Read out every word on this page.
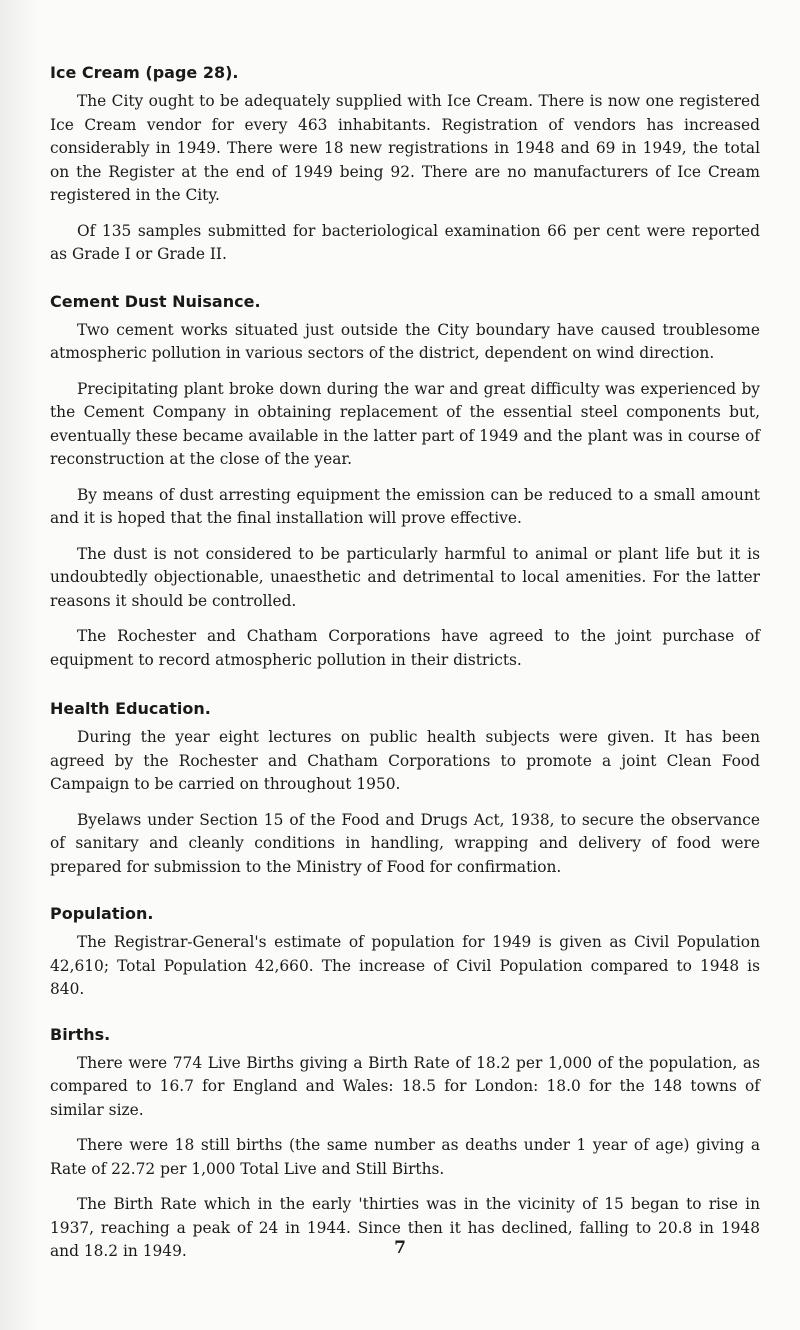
Ice Cream (page 28).

The City ought to be adequately supplied with Ice Cream. There is now one registered Ice Cream vendor for every 463 inhabitants. Registration of vendors has increased considerably in 1949. There were 18 new registrations in 1948 and 69 in 1949, the total on the Register at the end of 1949 being 92. There are no manufacturers of Ice Cream registered in the City.

Of 135 samples submitted for bacteriological examination 66 per cent were reported as Grade I or Grade II.

Cement Dust Nuisance.

Two cement works situated just outside the City boundary have caused troublesome atmospheric pollution in various sectors of the district, dependent on wind direction.

Precipitating plant broke down during the war and great difficulty was experienced by the Cement Company in obtaining replacement of the essential steel components but, eventually these became available in the latter part of 1949 and the plant was in course of reconstruction at the close of the year.

By means of dust arresting equipment the emission can be reduced to a small amount and it is hoped that the final installation will prove effective.

The dust is not considered to be particularly harmful to animal or plant life but it is undoubtedly objectionable, unaesthetic and detrimental to local amenities. For the latter reasons it should be controlled.

The Rochester and Chatham Corporations have agreed to the joint purchase of equipment to record atmospheric pollution in their districts.

Health Education.

During the year eight lectures on public health subjects were given. It has been agreed by the Rochester and Chatham Corporations to promote a joint Clean Food Campaign to be carried on throughout 1950.

Byelaws under Section 15 of the Food and Drugs Act, 1938, to secure the observance of sanitary and cleanly conditions in handling, wrapping and delivery of food were prepared for submission to the Ministry of Food for confirmation.

Population.

The Registrar-General's estimate of population for 1949 is given as Civil Population 42,610; Total Population 42,660. The increase of Civil Population compared to 1948 is 840.

Births.

There were 774 Live Births giving a Birth Rate of 18.2 per 1,000 of the population, as compared to 16.7 for England and Wales: 18.5 for London: 18.0 for the 148 towns of similar size.

There were 18 still births (the same number as deaths under 1 year of age) giving a Rate of 22.72 per 1,000 Total Live and Still Births.

The Birth Rate which in the early 'thirties was in the vicinity of 15 began to rise in 1937, reaching a peak of 24 in 1944. Since then it has declined, falling to 20.8 in 1948 and 18.2 in 1949.	7
